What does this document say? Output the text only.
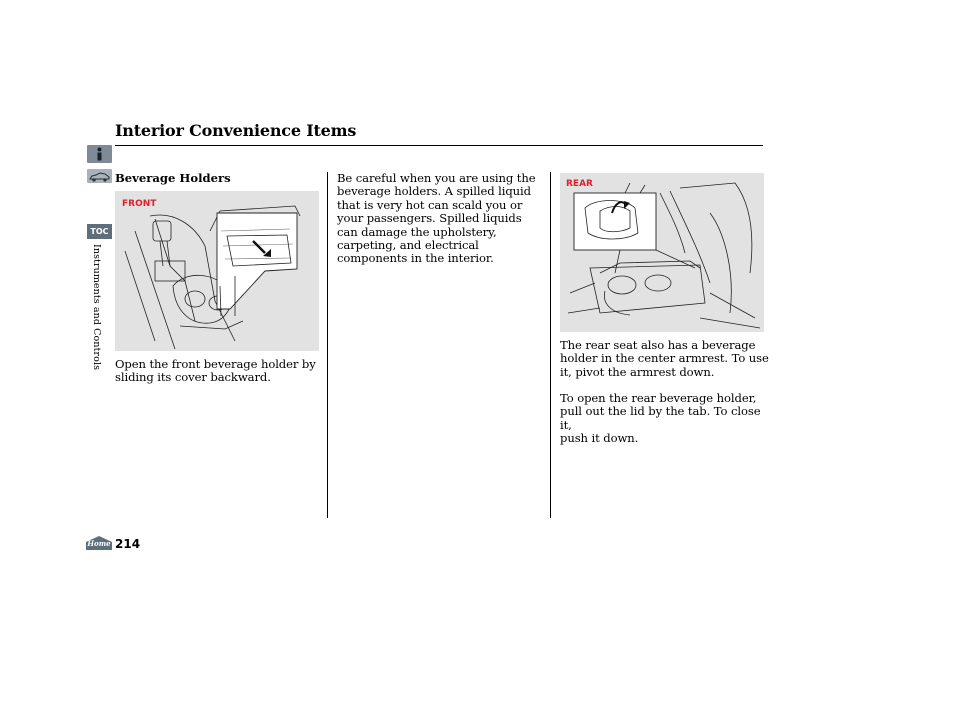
Interior Convenience Items
TOC
Instruments and Controls
Beverage Holders
FRONT
Open the front beverage holder by
sliding its cover backward.
Be careful when you are using the
beverage holders. A spilled liquid
that is very hot can scald you or
your passengers. Spilled liquids
can damage the upholstery,
carpeting, and electrical
components in the interior.
REAR
The rear seat also has a beverage
holder in the center armrest. To use
it, pivot the armrest down.
To open the rear beverage holder,
pull out the lid by the tab. To close it,
push it down.
Home 214
